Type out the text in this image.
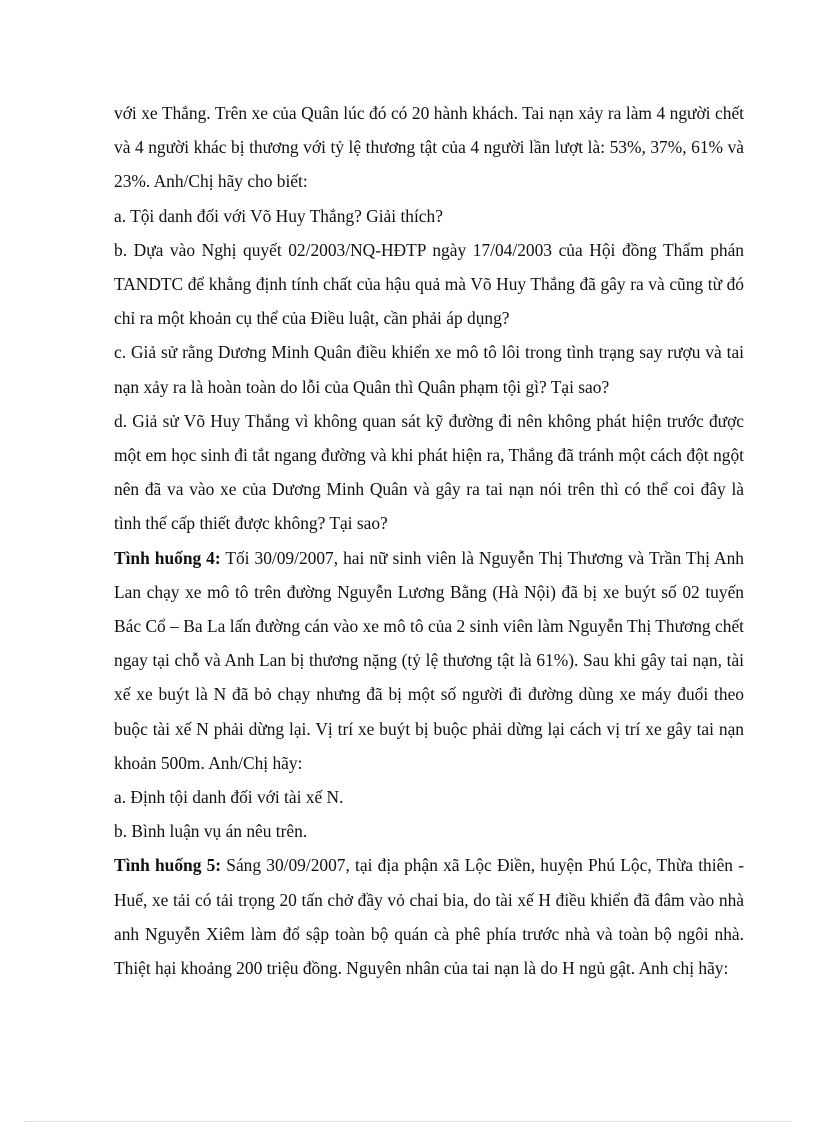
với xe Thắng. Trên xe của Quân lúc đó có 20 hành khách. Tai nạn xảy ra làm 4 người chết và 4 người khác bị thương với tỷ lệ thương tật của 4 người lần lượt là: 53%, 37%, 61% và 23%. Anh/Chị hãy cho biết:

a. Tội danh đối với Võ Huy Thắng? Giải thích?

b. Dựa vào Nghị quyết 02/2003/NQ-HĐTP ngày 17/04/2003 của Hội đồng Thẩm phán TANDTC để khẳng định tính chất của hậu quả mà Võ Huy Thắng đã gây ra và cũng từ đó chỉ ra một khoản cụ thể của Điều luật, cần phải áp dụng?

c. Giả sử rằng Dương Minh Quân điều khiển xe mô tô lôi trong tình trạng say rượu và tai nạn xảy ra là hoàn toàn do lỗi của Quân thì Quân phạm tội gì? Tại sao?

d. Giả sử Võ Huy Thắng vì không quan sát kỹ đường đi nên không phát hiện trước được một em học sinh đi tắt ngang đường và khi phát hiện ra, Thắng đã tránh một cách đột ngột nên đã va vào xe của Dương Minh Quân và gây ra tai nạn nói trên thì có thể coi đây là tình thế cấp thiết được không? Tại sao?

Tình huống 4: Tối 30/09/2007, hai nữ sinh viên là Nguyễn Thị Thương và Trần Thị Anh Lan chạy xe mô tô trên đường Nguyễn Lương Bằng (Hà Nội) đã bị xe buýt số 02 tuyến Bác Cổ – Ba La lấn đường cán vào xe mô tô của 2 sinh viên làm Nguyễn Thị Thương chết ngay tại chỗ và Anh Lan bị thương nặng (tỷ lệ thương tật là 61%). Sau khi gây tai nạn, tài xế xe buýt là N đã bỏ chạy nhưng đã bị một số người đi đường dùng xe máy đuổi theo buộc tài xế N phải dừng lại. Vị trí xe buýt bị buộc phải dừng lại cách vị trí xe gây tai nạn khoản 500m. Anh/Chị hãy:

a. Định tội danh đối với tài xế N.

b. Bình luận vụ án nêu trên.

Tình huống 5: Sáng 30/09/2007, tại địa phận xã Lộc Điền, huyện Phú Lộc, Thừa thiên - Huế, xe tải có tải trọng 20 tấn chở đầy vỏ chai bia, do tài xế H điều khiển đã đâm vào nhà anh Nguyễn Xiêm làm đổ sập toàn bộ quán cà phê phía trước nhà và toàn bộ ngôi nhà. Thiệt hại khoảng 200 triệu đồng. Nguyên nhân của tai nạn là do H ngủ gật. Anh chị hãy:
